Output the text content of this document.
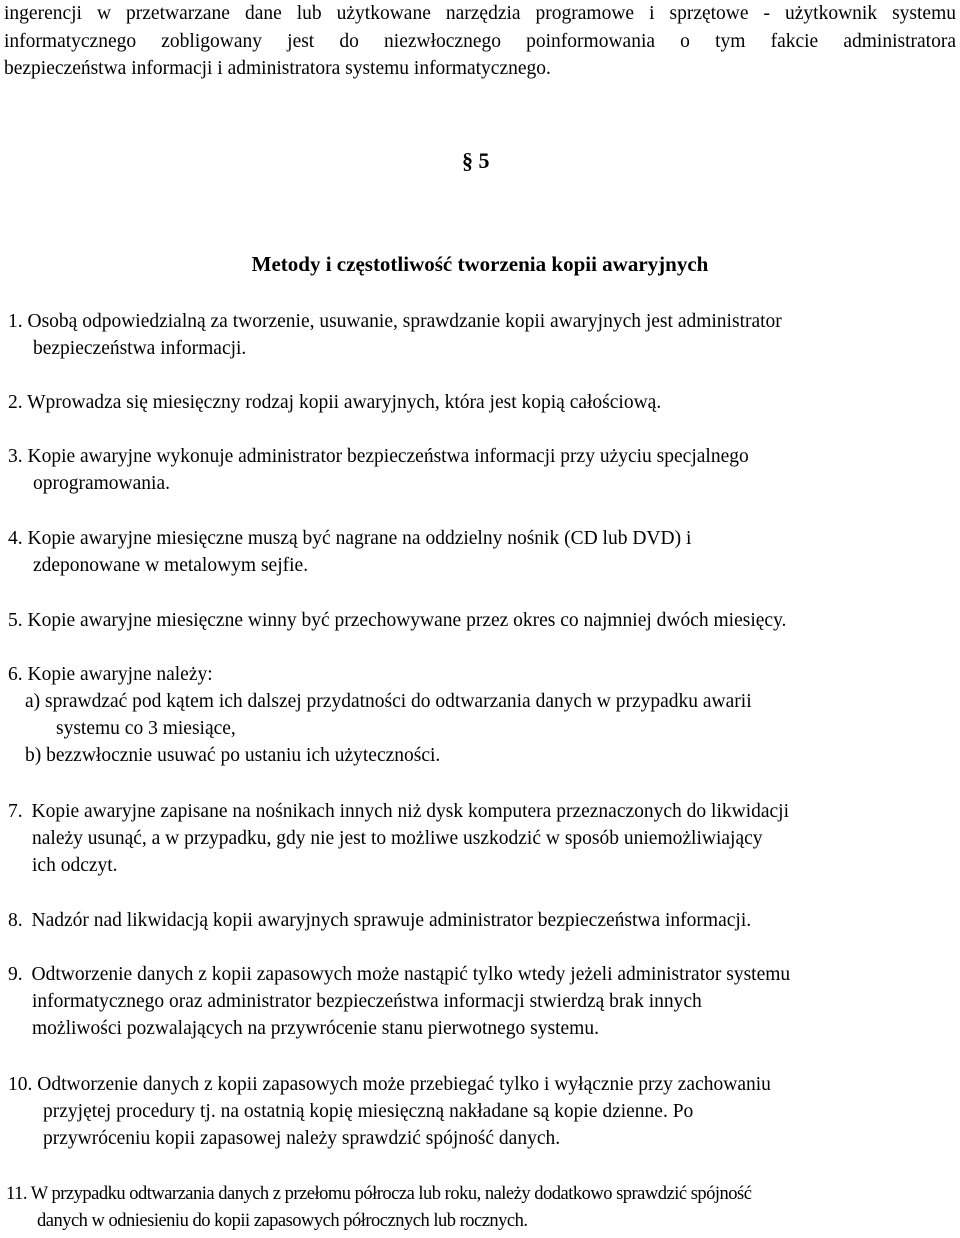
ingerencji w przetwarzane dane lub użytkowane narzędzia programowe i sprzętowe - użytkownik systemu
informatycznego zobligowany jest do niezwłocznego poinformowania o tym fakcie administratora
bezpieczeństwa informacji i administratora systemu informatycznego.
§ 5
Metody i częstotliwość tworzenia kopii awaryjnych
1. Osobą odpowiedzialną za tworzenie, usuwanie, sprawdzanie kopii awaryjnych jest administrator
bezpieczeństwa informacji.
2. Wprowadza się miesięczny rodzaj kopii awaryjnych, która jest kopią całościową.
3. Kopie awaryjne wykonuje administrator bezpieczeństwa informacji przy użyciu specjalnego
oprogramowania.
4. Kopie awaryjne miesięczne muszą być nagrane na oddzielny nośnik (CD lub DVD) i
zdeponowane w metalowym sejfie.
5. Kopie awaryjne miesięczne winny być przechowywane przez okres co najmniej dwóch miesięcy.
6. Kopie awaryjne należy:
a) sprawdzać pod kątem ich dalszej przydatności do odtwarzania danych w przypadku awarii
systemu co 3 miesiące,
b) bezzwłocznie usuwać po ustaniu ich użyteczności.
7. Kopie awaryjne zapisane na nośnikach innych niż dysk komputera przeznaczonych do likwidacji
należy usunąć, a w przypadku, gdy nie jest to możliwe uszkodzić w sposób uniemożliwiający
ich odczyt.
8. Nadzór nad likwidacją kopii awaryjnych sprawuje administrator bezpieczeństwa informacji.
9. Odtworzenie danych z kopii zapasowych może nastąpić tylko wtedy jeżeli administrator systemu
informatycznego oraz administrator bezpieczeństwa informacji stwierdzą brak innych
możliwości pozwalających na przywrócenie stanu pierwotnego systemu.
10. Odtworzenie danych z kopii zapasowych może przebiegać tylko i wyłącznie przy zachowaniu
przyjętej procedury tj. na ostatnią kopię miesięczną nakładane są kopie dzienne. Po
przywróceniu kopii zapasowej należy sprawdzić spójność danych.
11. W przypadku odtwarzania danych z przełomu półrocza lub roku, należy dodatkowo sprawdzić spójność
danych w odniesieniu do kopii zapasowych półrocznych lub rocznych.
